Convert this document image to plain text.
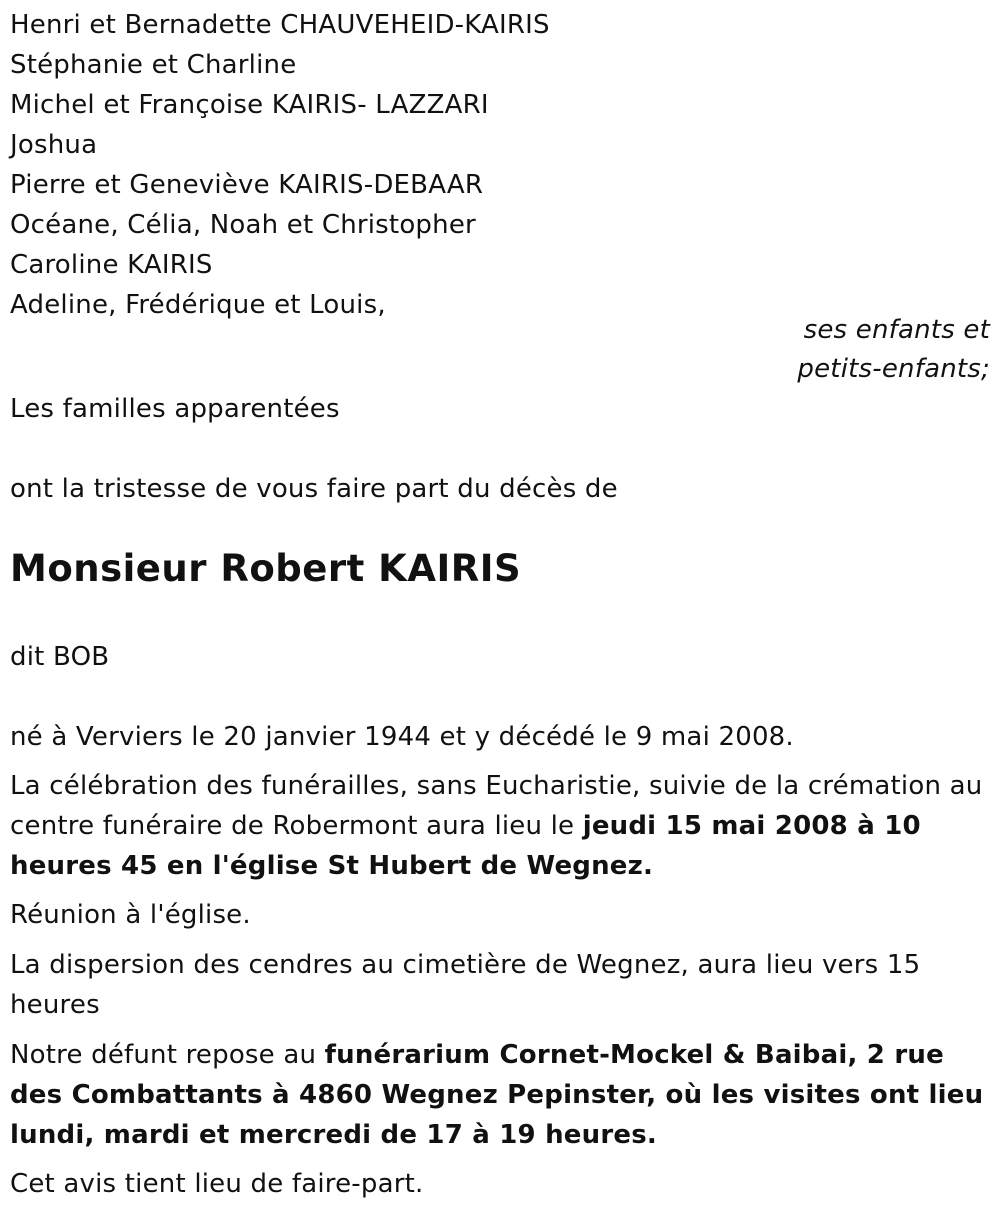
Henri et Bernadette CHAUVEHEID-KAIRIS
Stéphanie et Charline
Michel et Françoise KAIRIS- LAZZARI
Joshua
Pierre et Geneviève KAIRIS-DEBAAR
Océane, Célia, Noah et Christopher
Caroline KAIRIS
Adeline, Frédérique et Louis,
ses enfants et
petits-enfants;
Les familles apparentées
ont la tristesse de vous faire part du décès de
Monsieur Robert KAIRIS
dit BOB
né à Verviers le 20 janvier 1944 et y décédé le 9 mai 2008.
La célébration des funérailles, sans Eucharistie, suivie de la crémation au centre funéraire de Robermont aura lieu le jeudi 15 mai 2008 à 10 heures 45 en l'église St Hubert de Wegnez.
Réunion à l'église.
La dispersion des cendres au cimetière de Wegnez, aura lieu vers 15 heures
Notre défunt repose au funérarium Cornet-Mockel & Baibai, 2 rue des Combattants à 4860 Wegnez Pepinster, où les visites ont lieu lundi, mardi et mercredi de 17 à 19 heures.
Cet avis tient lieu de faire-part.
